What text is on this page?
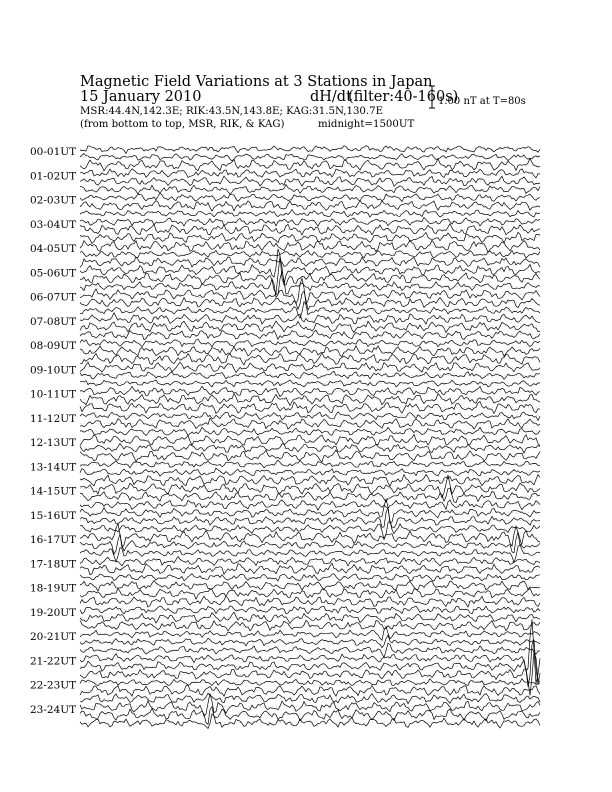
Magnetic Field Variations at 3 Stations in Japan
15 January 2010	dH/dt
(filter:40-160s)
MSR:44.4N,142.3E; RIK:43.5N,143.8E; KAG:31.5N,130.7E
(from bottom to top, MSR, RIK, & KAG)	midnight=1500UT
1.00 nT at T=80s
00-01UT
01-02UT
02-03UT
03-04UT
04-05UT
05-06UT
06-07UT
07-08UT
08-09UT
09-10UT
10-11UT
11-12UT
12-13UT
13-14UT
14-15UT
15-16UT
16-17UT
17-18UT
18-19UT
19-20UT
20-21UT
21-22UT
22-23UT
23-24UT
